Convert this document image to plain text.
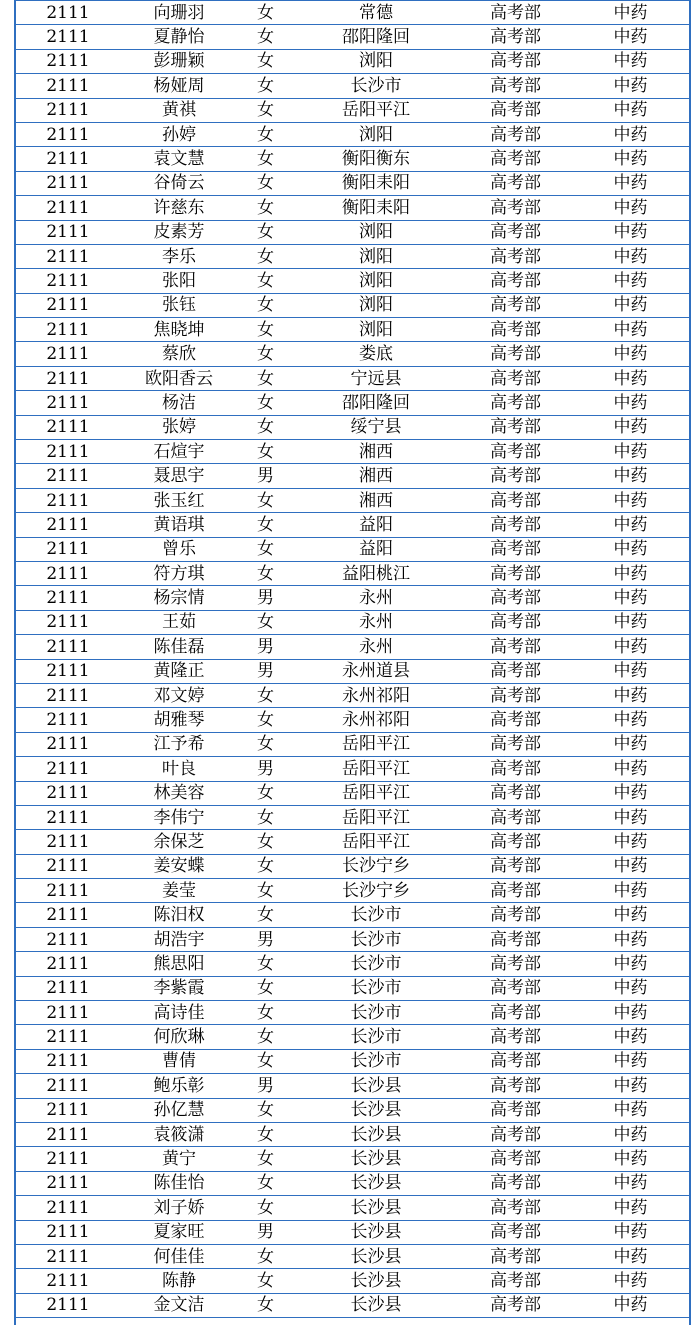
2111	向珊羽	女	常德	高考部	中药
2111	夏静怡	女	邵阳隆回	高考部	中药
2111	彭珊颖	女	浏阳	高考部	中药
2111	杨娅周	女	长沙市	高考部	中药
2111	黄祺	女	岳阳平江	高考部	中药
2111	孙婷	女	浏阳	高考部	中药
2111	袁文慧	女	衡阳衡东	高考部	中药
2111	谷倚云	女	衡阳耒阳	高考部	中药
2111	许慈东	女	衡阳耒阳	高考部	中药
2111	皮素芳	女	浏阳	高考部	中药
2111	李乐	女	浏阳	高考部	中药
2111	张阳	女	浏阳	高考部	中药
2111	张钰	女	浏阳	高考部	中药
2111	焦晓坤	女	浏阳	高考部	中药
2111	蔡欣	女	娄底	高考部	中药
2111	欧阳香云	女	宁远县	高考部	中药
2111	杨洁	女	邵阳隆回	高考部	中药
2111	张婷	女	绥宁县	高考部	中药
2111	石煊宇	女	湘西	高考部	中药
2111	聂思宇	男	湘西	高考部	中药
2111	张玉红	女	湘西	高考部	中药
2111	黄语琪	女	益阳	高考部	中药
2111	曾乐	女	益阳	高考部	中药
2111	符方琪	女	益阳桃江	高考部	中药
2111	杨宗情	男	永州	高考部	中药
2111	王茹	女	永州	高考部	中药
2111	陈佳磊	男	永州	高考部	中药
2111	黄隆正	男	永州道县	高考部	中药
2111	邓文婷	女	永州祁阳	高考部	中药
2111	胡雅琴	女	永州祁阳	高考部	中药
2111	江予希	女	岳阳平江	高考部	中药
2111	叶良	男	岳阳平江	高考部	中药
2111	林美容	女	岳阳平江	高考部	中药
2111	李伟宁	女	岳阳平江	高考部	中药
2111	余保芝	女	岳阳平江	高考部	中药
2111	姜安蝶	女	长沙宁乡	高考部	中药
2111	姜莹	女	长沙宁乡	高考部	中药
2111	陈汨权	女	长沙市	高考部	中药
2111	胡浩宇	男	长沙市	高考部	中药
2111	熊思阳	女	长沙市	高考部	中药
2111	李紫霞	女	长沙市	高考部	中药
2111	高诗佳	女	长沙市	高考部	中药
2111	何欣琳	女	长沙市	高考部	中药
2111	曹倩	女	长沙市	高考部	中药
2111	鲍乐彰	男	长沙县	高考部	中药
2111	孙亿慧	女	长沙县	高考部	中药
2111	袁筱潇	女	长沙县	高考部	中药
2111	黄宁	女	长沙县	高考部	中药
2111	陈佳怡	女	长沙县	高考部	中药
2111	刘子娇	女	长沙县	高考部	中药
2111	夏家旺	男	长沙县	高考部	中药
2111	何佳佳	女	长沙县	高考部	中药
2111	陈静	女	长沙县	高考部	中药
2111	金文洁	女	长沙县	高考部	中药
